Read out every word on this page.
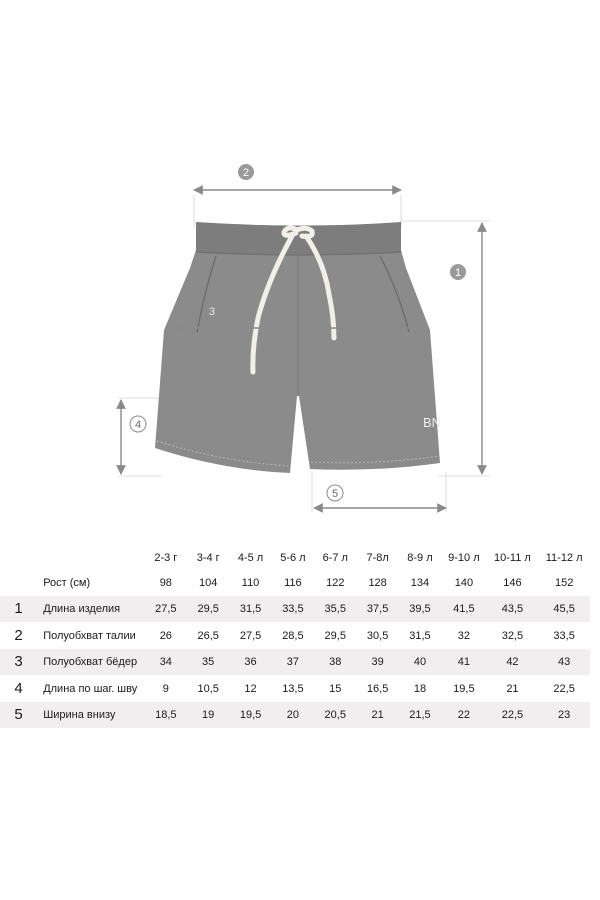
BN
2
1
3
4
5
		2-3 г	3-4 г	4-5 л	5-6 л	6-7 л	7-8л	8-9 л	9-10 л	10-11 л	11-12 л
	Рост (см)	98	104	110	116	122	128	134	140	146	152
1	Длина изделия	27,5	29,5	31,5	33,5	35,5	37,5	39,5	41,5	43,5	45,5
2	Полуобхват талии	26	26,5	27,5	28,5	29,5	30,5	31,5	32	32,5	33,5
3	Полуобхват бёдер	34	35	36	37	38	39	40	41	42	43
4	Длина по шаг. шву	9	10,5	12	13,5	15	16,5	18	19,5	21	22,5
5	Ширина внизу	18,5	19	19,5	20	20,5	21	21,5	22	22,5	23
